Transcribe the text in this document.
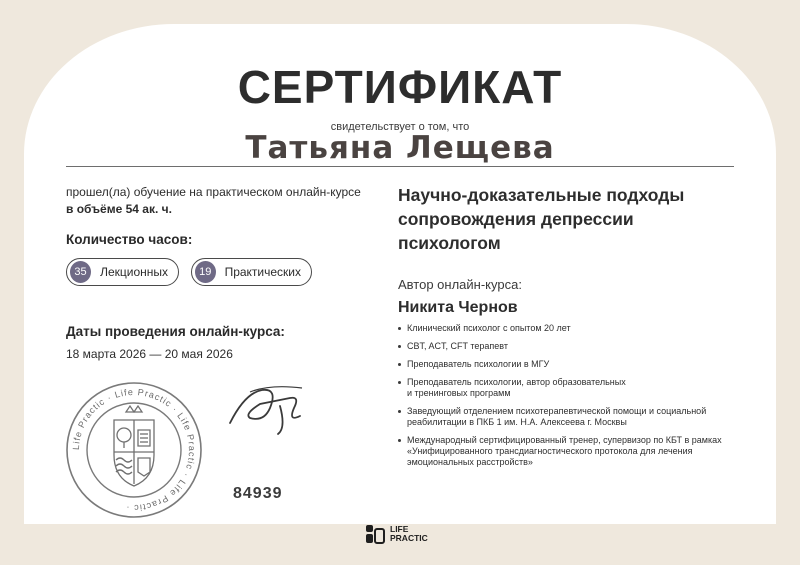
СЕРТИФИКАТ
свидетельствует о том, что
Татьяна Лещева
прошел(ла) обучение на практическом онлайн-курсе
в объёме 54 ак. ч.
Количество часов:
35	Лекционных	19	Практических
Даты проведения онлайн-курса:
18 марта 2026 — 20 мая 2026
Life Practic · Life Practic · Life Practic · Life Practic ·
84939
Научно-доказательные подходы сопровождения депрессии психологом
Автор онлайн-курса:
Никита Чернов
Клинический психолог с опытом 20 лет
CBT, ACT, CFT терапевт
Преподаватель психологии в МГУ
Преподаватель психологии, автор образовательных
и тренинговых программ
Заведующий отделением психотерапевтической помощи и социальной
реабилитации в ПКБ 1 им. Н.А. Алексеева г. Москвы
Международный сертифицированный тренер, супервизор по КБТ в рамках
«Унифицированного трансдиагностического протокола для лечения
эмоциональных расстройств»
LIFE
PRACTIC
